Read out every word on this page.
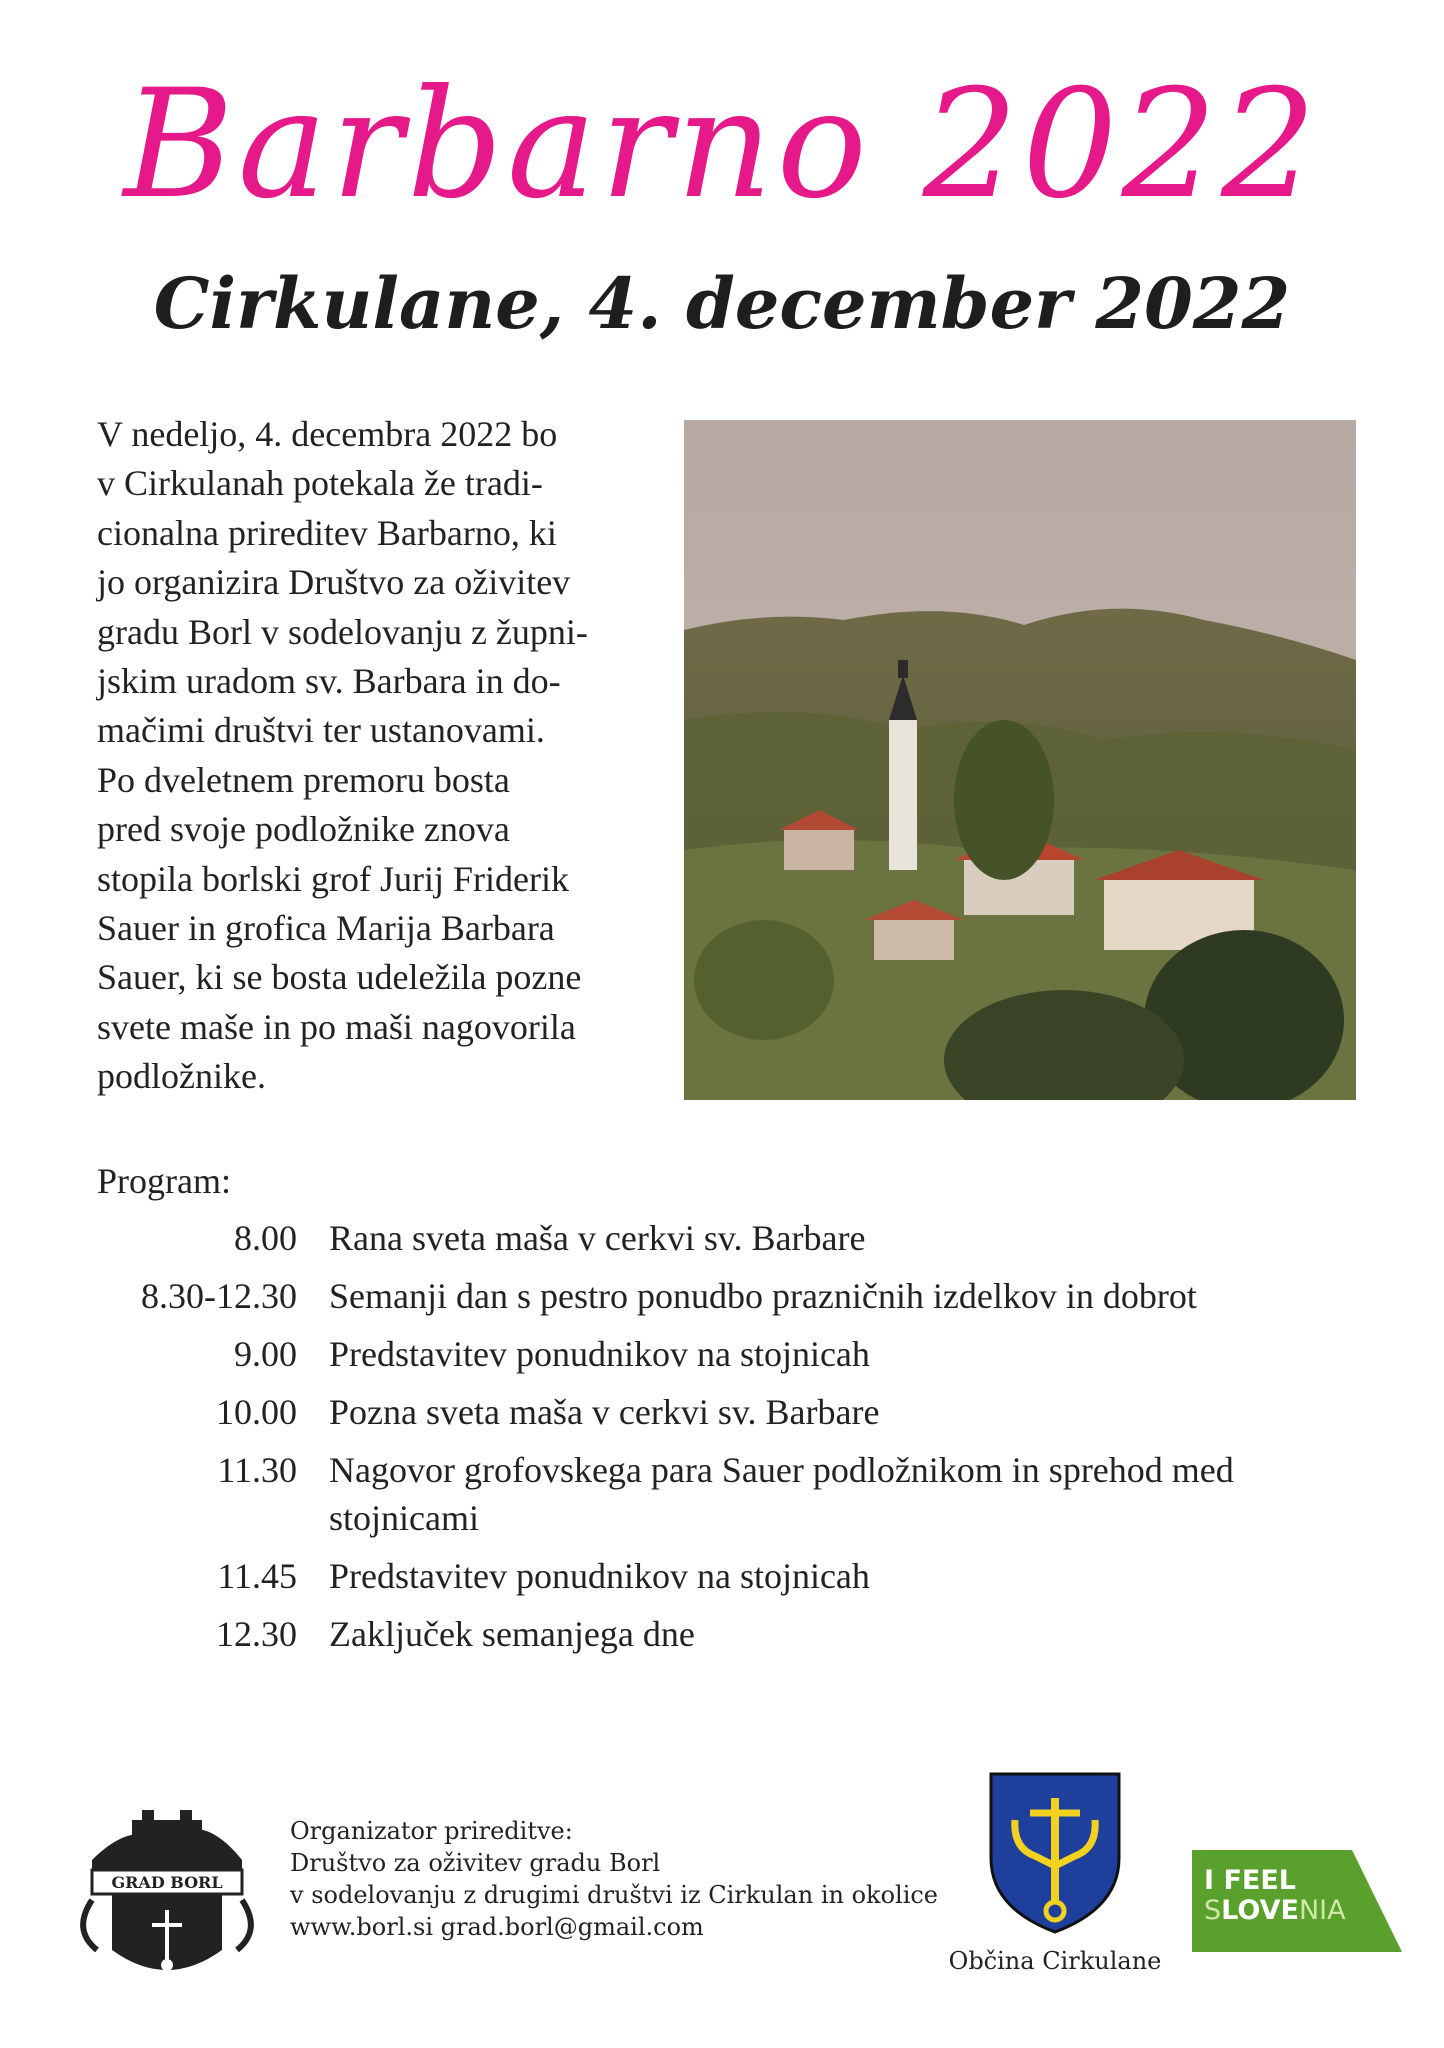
Barbarno 2022
Cirkulane, 4. december 2022
V nedeljo, 4. decembra 2022 bo
v Cirkulanah potekala že tradi-
cionalna prireditev Barbarno, ki
jo organizira Društvo za oživitev
gradu Borl v sodelovanju z župni-
jskim uradom sv. Barbara in do-
mačimi društvi ter ustanovami.
Po dveletnem premoru bosta
pred svoje podložnike znova
stopila borlski grof Jurij Friderik
Sauer in grofica Marija Barbara
Sauer, ki se bosta udeležila pozne
svete maše in po maši nagovorila
podložnike.

Program:

8.00 Rana sveta maša v cerkvi sv. Barbare
8.30-12.30 Semanji dan s pestro ponudbo prazničnih izdelkov in dobrot
9.00 Predstavitev ponudnikov na stojnicah
10.00 Pozna sveta maša v cerkvi sv. Barbare
11.30 Nagovor grofovskega para Sauer podložnikom in sprehod med stojnicami
11.45 Predstavitev ponudnikov na stojnicah
12.30 Zaključek semanjega dne
GRAD BORL
Organizator prireditve:
Društvo za oživitev gradu Borl
v sodelovanju z drugimi društvi iz Cirkulan in okolice
www.borl.si grad.borl@gmail.com
Občina Cirkulane
I FEEL
SLOVENIA
